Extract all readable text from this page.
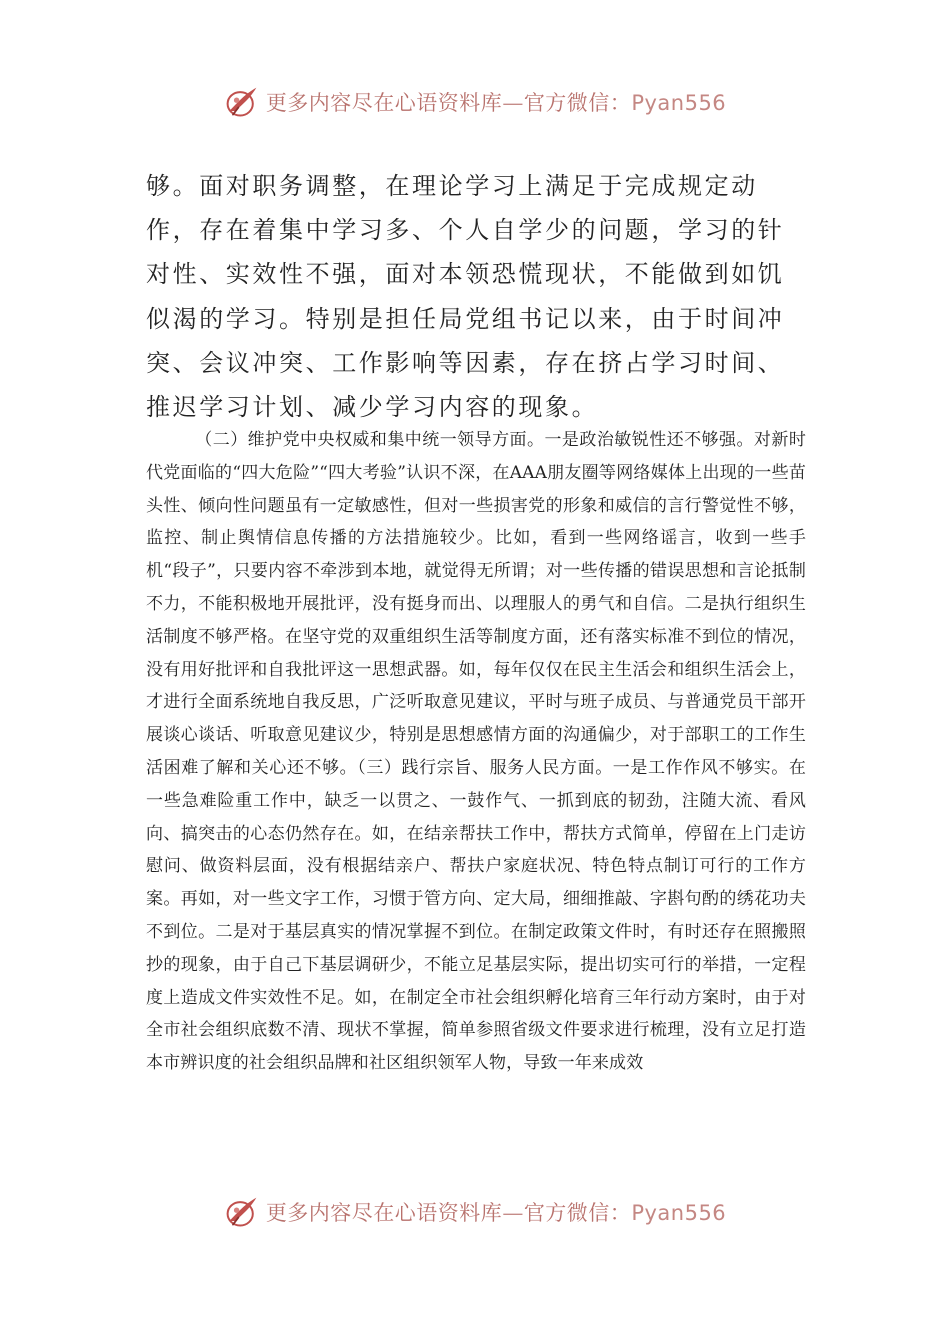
更多内容尽在心语资料库—官方微信：Pyan556

够。面对职务调整，在理论学习上满足于完成规定动作，存在着集中学习多、个人自学少的问题，学习的针对性、实效性不强，面对本领恐慌现状，不能做到如饥似渴的学习。特别是担任局党组书记以来，由于时间冲突、会议冲突、工作影响等因素，存在挤占学习时间、推迟学习计划、减少学习内容的现象。

（二）维护党中央权威和集中统一领导方面。一是政治敏锐性还不够强。对新时代党面临的“四大危险”“四大考验”认识不深，在AAA朋友圈等网络媒体上出现的一些苗头性、倾向性问题虽有一定敏感性，但对一些损害党的形象和威信的言行警觉性不够，监控、制止舆情信息传播的方法措施较少。比如，看到一些网络谣言，收到一些手机“段子”，只要内容不牵涉到本地，就觉得无所谓；对一些传播的错误思想和言论抵制不力，不能积极地开展批评，没有挺身而出、以理服人的勇气和自信。二是执行组织生活制度不够严格。在坚守党的双重组织生活等制度方面，还有落实标准不到位的情况，没有用好批评和自我批评这一思想武器。如，每年仅仅在民主生活会和组织生活会上，才进行全面系统地自我反思，广泛听取意见建议，平时与班子成员、与普通党员干部开展谈心谈话、听取意见建议少，特别是思想感情方面的沟通偏少，对于部职工的工作生活困难了解和关心还不够。（三）践行宗旨、服务人民方面。一是工作作风不够实。在一些急难险重工作中，缺乏一以贯之、一鼓作气、一抓到底的韧劲，注随大流、看风向、搞突击的心态仍然存在。如，在结亲帮扶工作中，帮扶方式简单，停留在上门走访慰问、做资料层面，没有根据结亲户、帮扶户家庭状况、特色特点制订可行的工作方案。再如，对一些文字工作，习惯于管方向、定大局，细细推敲、字斟句酌的绣花功夫不到位。二是对于基层真实的情况掌握不到位。在制定政策文件时，有时还存在照搬照抄的现象，由于自己下基层调研少，不能立足基层实际，提出切实可行的举措，一定程度上造成文件实效性不足。如，在制定全市社会组织孵化培育三年行动方案时，由于对全市社会组织底数不清、现状不掌握，简单参照省级文件要求进行梳理，没有立足打造本市辨识度的社会组织品牌和社区组织领军人物，导致一年来成效

更多内容尽在心语资料库—官方微信：Pyan556
